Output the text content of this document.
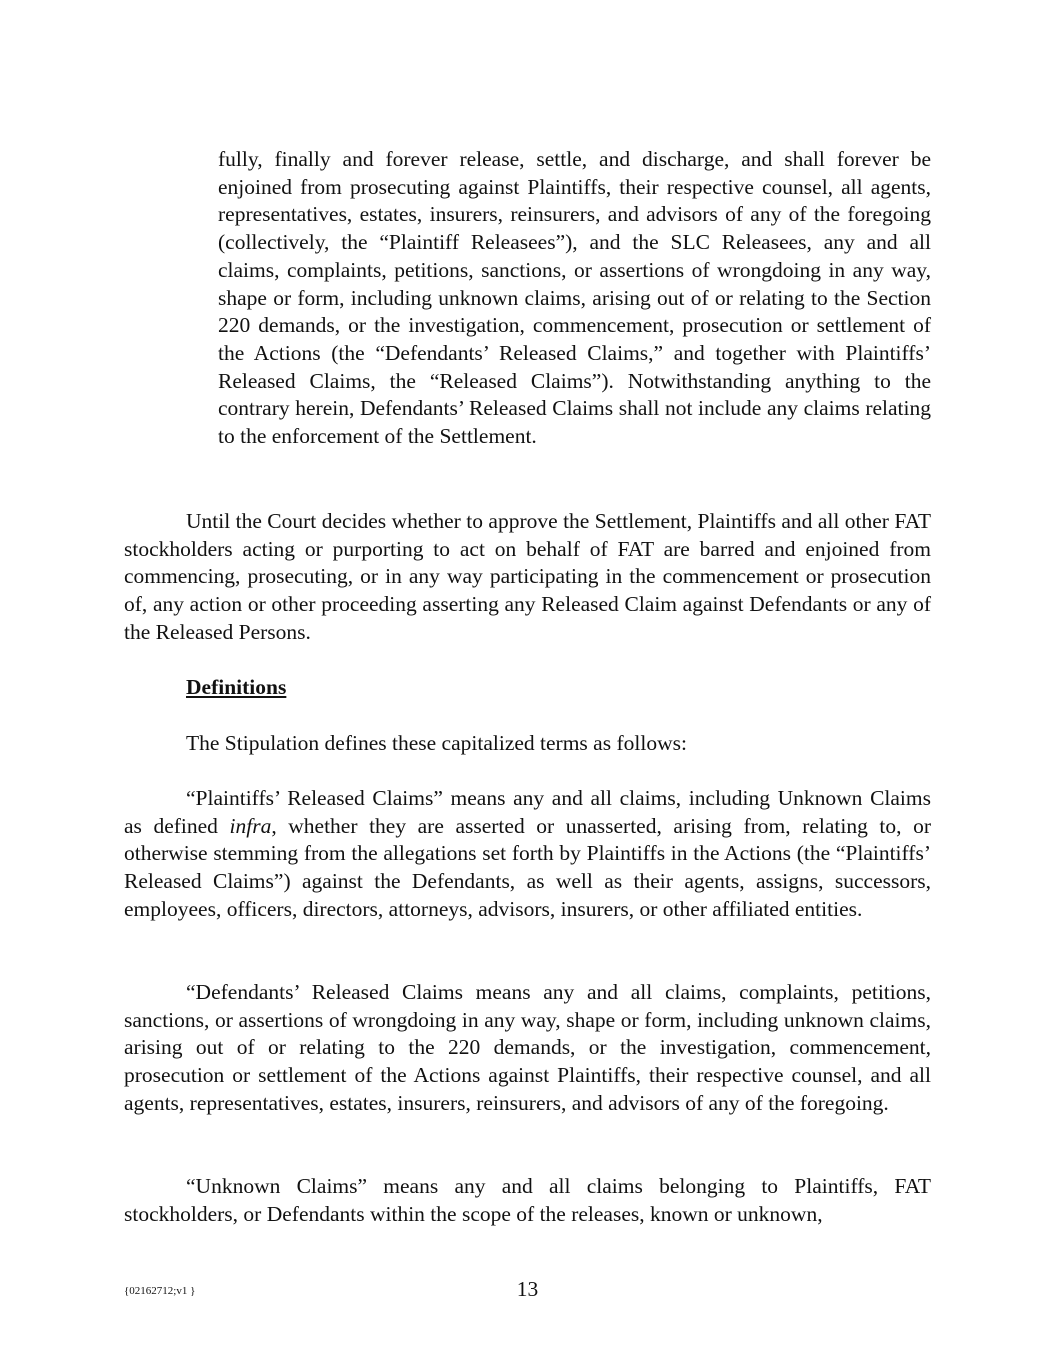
fully, finally and forever release, settle, and discharge, and shall forever be enjoined from prosecuting against Plaintiffs, their respective counsel, all agents, representatives, estates, insurers, reinsurers, and advisors of any of the foregoing (collectively, the “Plaintiff Releasees”), and the SLC Releasees, any and all claims, complaints, petitions, sanctions, or assertions of wrongdoing in any way, shape or form, including unknown claims, arising out of or relating to the Section 220 demands, or the investigation, commencement, prosecution or settlement of the Actions (the “Defendants’ Released Claims,” and together with Plaintiffs’ Released Claims, the “Released Claims”). Notwithstanding anything to the contrary herein, Defendants’ Released Claims shall not include any claims relating to the enforcement of the Settlement.

Until the Court decides whether to approve the Settlement, Plaintiffs and all other FAT stockholders acting or purporting to act on behalf of FAT are barred and enjoined from commencing, prosecuting, or in any way participating in the commencement or prosecution of, any action or other proceeding asserting any Released Claim against Defendants or any of the Released Persons.

Definitions

The Stipulation defines these capitalized terms as follows:

“Plaintiffs’ Released Claims” means any and all claims, including Unknown Claims as defined infra, whether they are asserted or unasserted, arising from, relating to, or otherwise stemming from the allegations set forth by Plaintiffs in the Actions (the “Plaintiffs’ Released Claims”) against the Defendants, as well as their agents, assigns, successors, employees, officers, directors, attorneys, advisors, insurers, or other affiliated entities.

“Defendants’ Released Claims means any and all claims, complaints, petitions, sanctions, or assertions of wrongdoing in any way, shape or form, including unknown claims, arising out of or relating to the 220 demands, or the investigation, commencement, prosecution or settlement of the Actions against Plaintiffs, their respective counsel, and all agents, representatives, estates, insurers, reinsurers, and advisors of any of the foregoing.

“Unknown Claims” means any and all claims belonging to Plaintiffs, FAT stockholders, or Defendants within the scope of the releases, known or unknown,

{02162712;v1 }	13
